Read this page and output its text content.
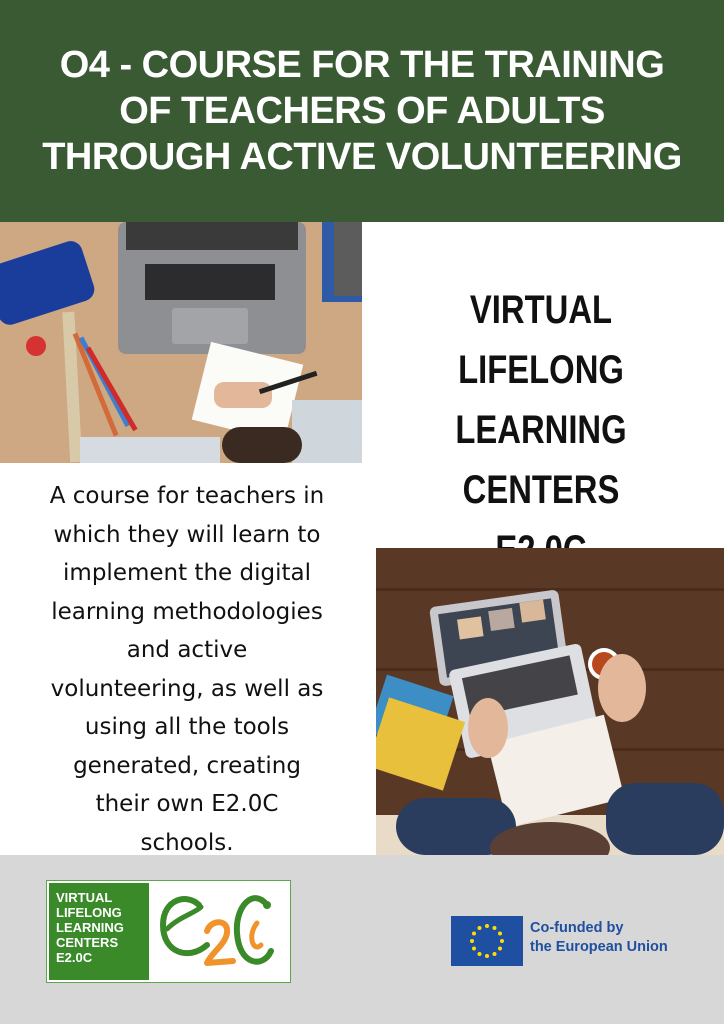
O4 - COURSE FOR THE TRAINING
OF TEACHERS OF ADULTS
THROUGH ACTIVE VOLUNTEERING
VIRTUAL LIFELONG
LEARNING CENTERS
A course for teachers in
which they will learn to
implement the digital
learning methodologies
and active
volunteering, as well as
using all the tools
generated, creating
their own E2.0C
schools.
VIRTUAL
LIFELONG
LEARNING
CENTERS
E2.0C
Co-funded by
the European Union
